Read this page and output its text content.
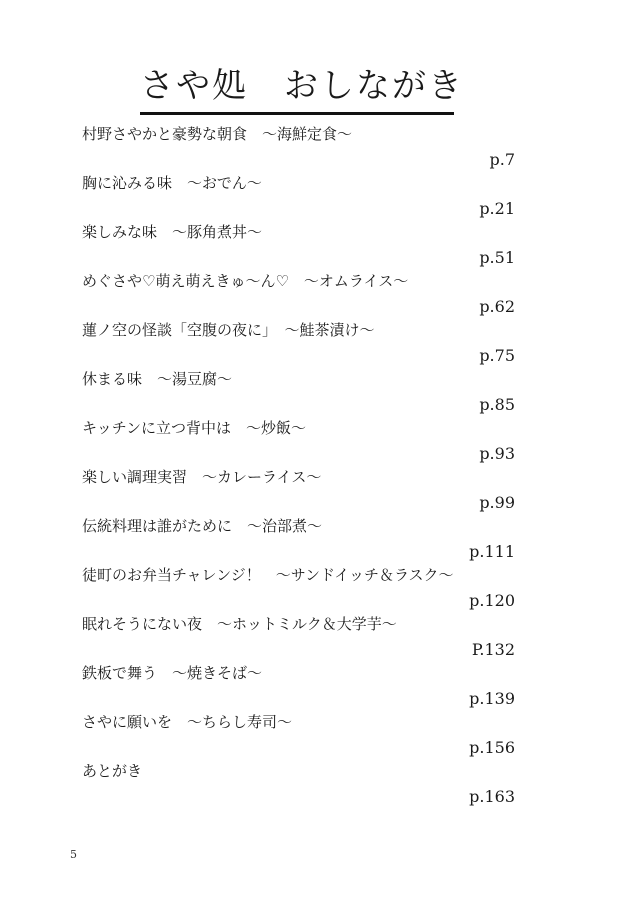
さや処　おしながき
村野さやかと豪勢な朝食　～海鮮定食～
p.7
胸に沁みる味　～おでん～
p.21
楽しみな味　～豚角煮丼～
p.51
めぐさや♡萌え萌えきゅ～ん♡　～オムライス～
p.62
蓮ノ空の怪談「空腹の夜に」　～鮭茶漬け～
p.75
休まる味　～湯豆腐～
p.85
キッチンに立つ背中は　～炒飯～
p.93
楽しい調理実習　～カレーライス～
p.99
伝統料理は誰がために　～治部煮～
p.111
徒町のお弁当チャレンジ！　～サンドイッチ＆ラスク～
p.120
眠れそうにない夜　～ホットミルク＆大学芋～
P.132
鉄板で舞う　～焼きそば～
p.139
さやに願いを　～ちらし寿司～
p.156
あとがき
p.163
5
